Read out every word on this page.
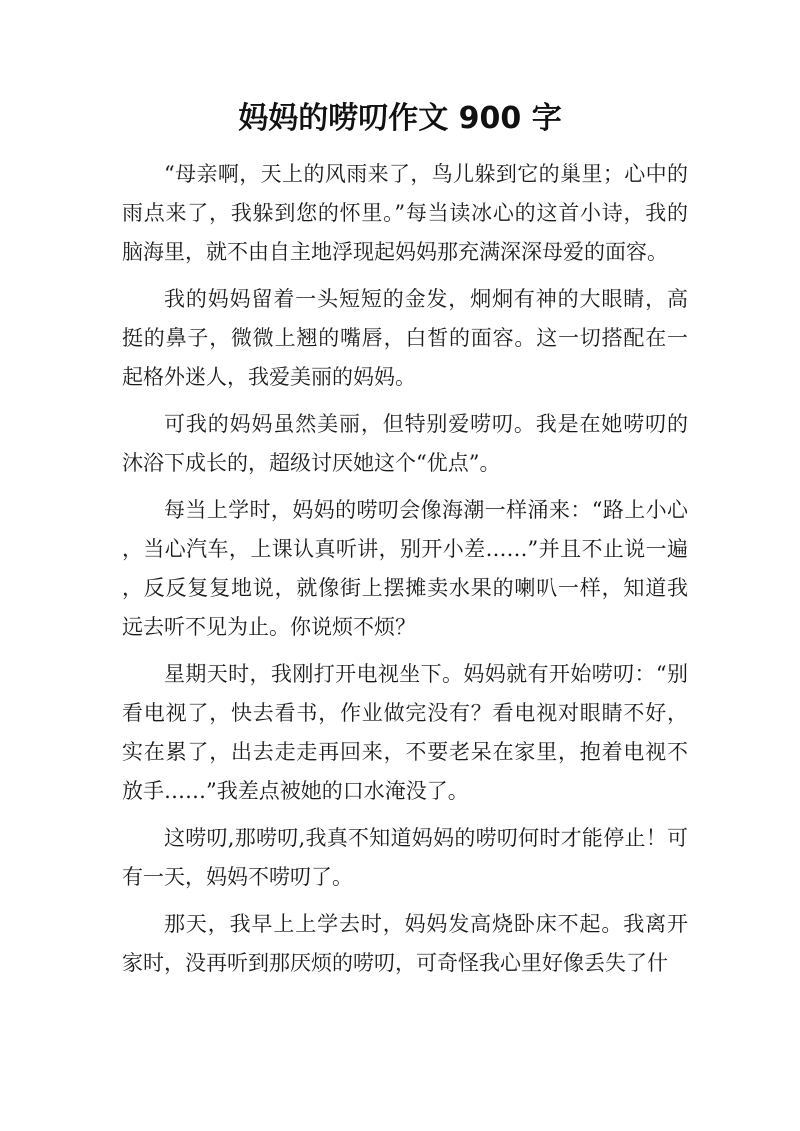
妈妈的唠叨作文 900 字

“母亲啊，天上的风雨来了，鸟儿躲到它的巢里；心中的雨点来了，我躲到您的怀里。”每当读冰心的这首小诗，我的脑海里，就不由自主地浮现起妈妈那充满深深母爱的面容。

我的妈妈留着一头短短的金发，炯炯有神的大眼睛，高挺的鼻子，微微上翘的嘴唇，白皙的面容。这一切搭配在一起格外迷人，我爱美丽的妈妈。

可我的妈妈虽然美丽，但特别爱唠叨。我是在她唠叨的沐浴下成长的，超级讨厌她这个“优点”。

每当上学时，妈妈的唠叨会像海潮一样涌来：“路上小心，当心汽车，上课认真听讲，别开小差……”并且不止说一遍，反反复复地说，就像街上摆摊卖水果的喇叭一样，知道我远去听不见为止。你说烦不烦？

星期天时，我刚打开电视坐下。妈妈就有开始唠叨：“别看电视了，快去看书，作业做完没有？看电视对眼睛不好，实在累了，出去走走再回来，不要老呆在家里，抱着电视不放手……”我差点被她的口水淹没了。

这唠叨,那唠叨,我真不知道妈妈的唠叨何时才能停止！可有一天，妈妈不唠叨了。

那天，我早上上学去时，妈妈发高烧卧床不起。我离开家时，没再听到那厌烦的唠叨，可奇怪我心里好像丢失了什
